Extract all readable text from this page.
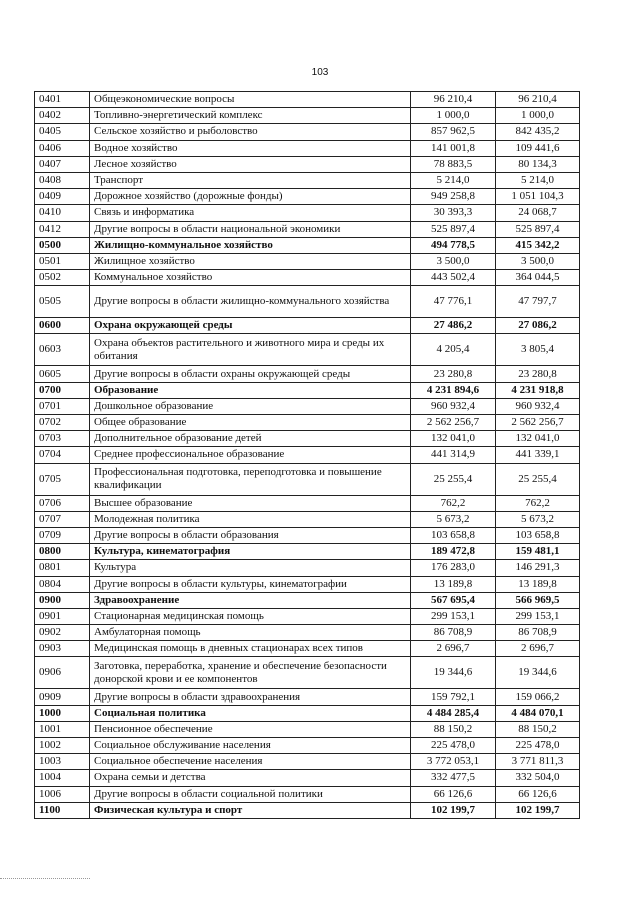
103
0401	Общеэкономические вопросы	96 210,4	96 210,4
0402	Топливно-энергетический комплекс	1 000,0	1 000,0
0405	Сельское хозяйство и рыболовство	857 962,5	842 435,2
0406	Водное хозяйство	141 001,8	109 441,6
0407	Лесное хозяйство	78 883,5	80 134,3
0408	Транспорт	5 214,0	5 214,0
0409	Дорожное хозяйство (дорожные фонды)	949 258,8	1 051 104,3
0410	Связь и информатика	30 393,3	24 068,7
0412	Другие вопросы в области национальной экономики	525 897,4	525 897,4
0500	Жилищно-коммунальное хозяйство	494 778,5	415 342,2
0501	Жилищное хозяйство	3 500,0	3 500,0
0502	Коммунальное хозяйство	443 502,4	364 044,5
0505	Другие вопросы в области жилищно-коммунального хозяйства	47 776,1	47 797,7
0600	Охрана окружающей среды	27 486,2	27 086,2
0603	Охрана объектов растительного и животного мира и среды их обитания	4 205,4	3 805,4
0605	Другие вопросы в области охраны окружающей среды	23 280,8	23 280,8
0700	Образование	4 231 894,6	4 231 918,8
0701	Дошкольное образование	960 932,4	960 932,4
0702	Общее образование	2 562 256,7	2 562 256,7
0703	Дополнительное образование детей	132 041,0	132 041,0
0704	Среднее профессиональное образование	441 314,9	441 339,1
0705	Профессиональная подготовка, переподготовка и повышение квалификации	25 255,4	25 255,4
0706	Высшее образование	762,2	762,2
0707	Молодежная политика	5 673,2	5 673,2
0709	Другие вопросы в области образования	103 658,8	103 658,8
0800	Культура, кинематография	189 472,8	159 481,1
0801	Культура	176 283,0	146 291,3
0804	Другие вопросы в области культуры, кинематографии	13 189,8	13 189,8
0900	Здравоохранение	567 695,4	566 969,5
0901	Стационарная медицинская помощь	299 153,1	299 153,1
0902	Амбулаторная помощь	86 708,9	86 708,9
0903	Медицинская помощь в дневных стационарах всех типов	2 696,7	2 696,7
0906	Заготовка, переработка, хранение и обеспечение безопасности донорской крови и ее компонентов	19 344,6	19 344,6
0909	Другие вопросы в области здравоохранения	159 792,1	159 066,2
1000	Социальная политика	4 484 285,4	4 484 070,1
1001	Пенсионное обеспечение	88 150,2	88 150,2
1002	Социальное обслуживание населения	225 478,0	225 478,0
1003	Социальное обеспечение населения	3 772 053,1	3 771 811,3
1004	Охрана семьи и детства	332 477,5	332 504,0
1006	Другие вопросы в области социальной политики	66 126,6	66 126,6
1100	Физическая культура и спорт	102 199,7	102 199,7
